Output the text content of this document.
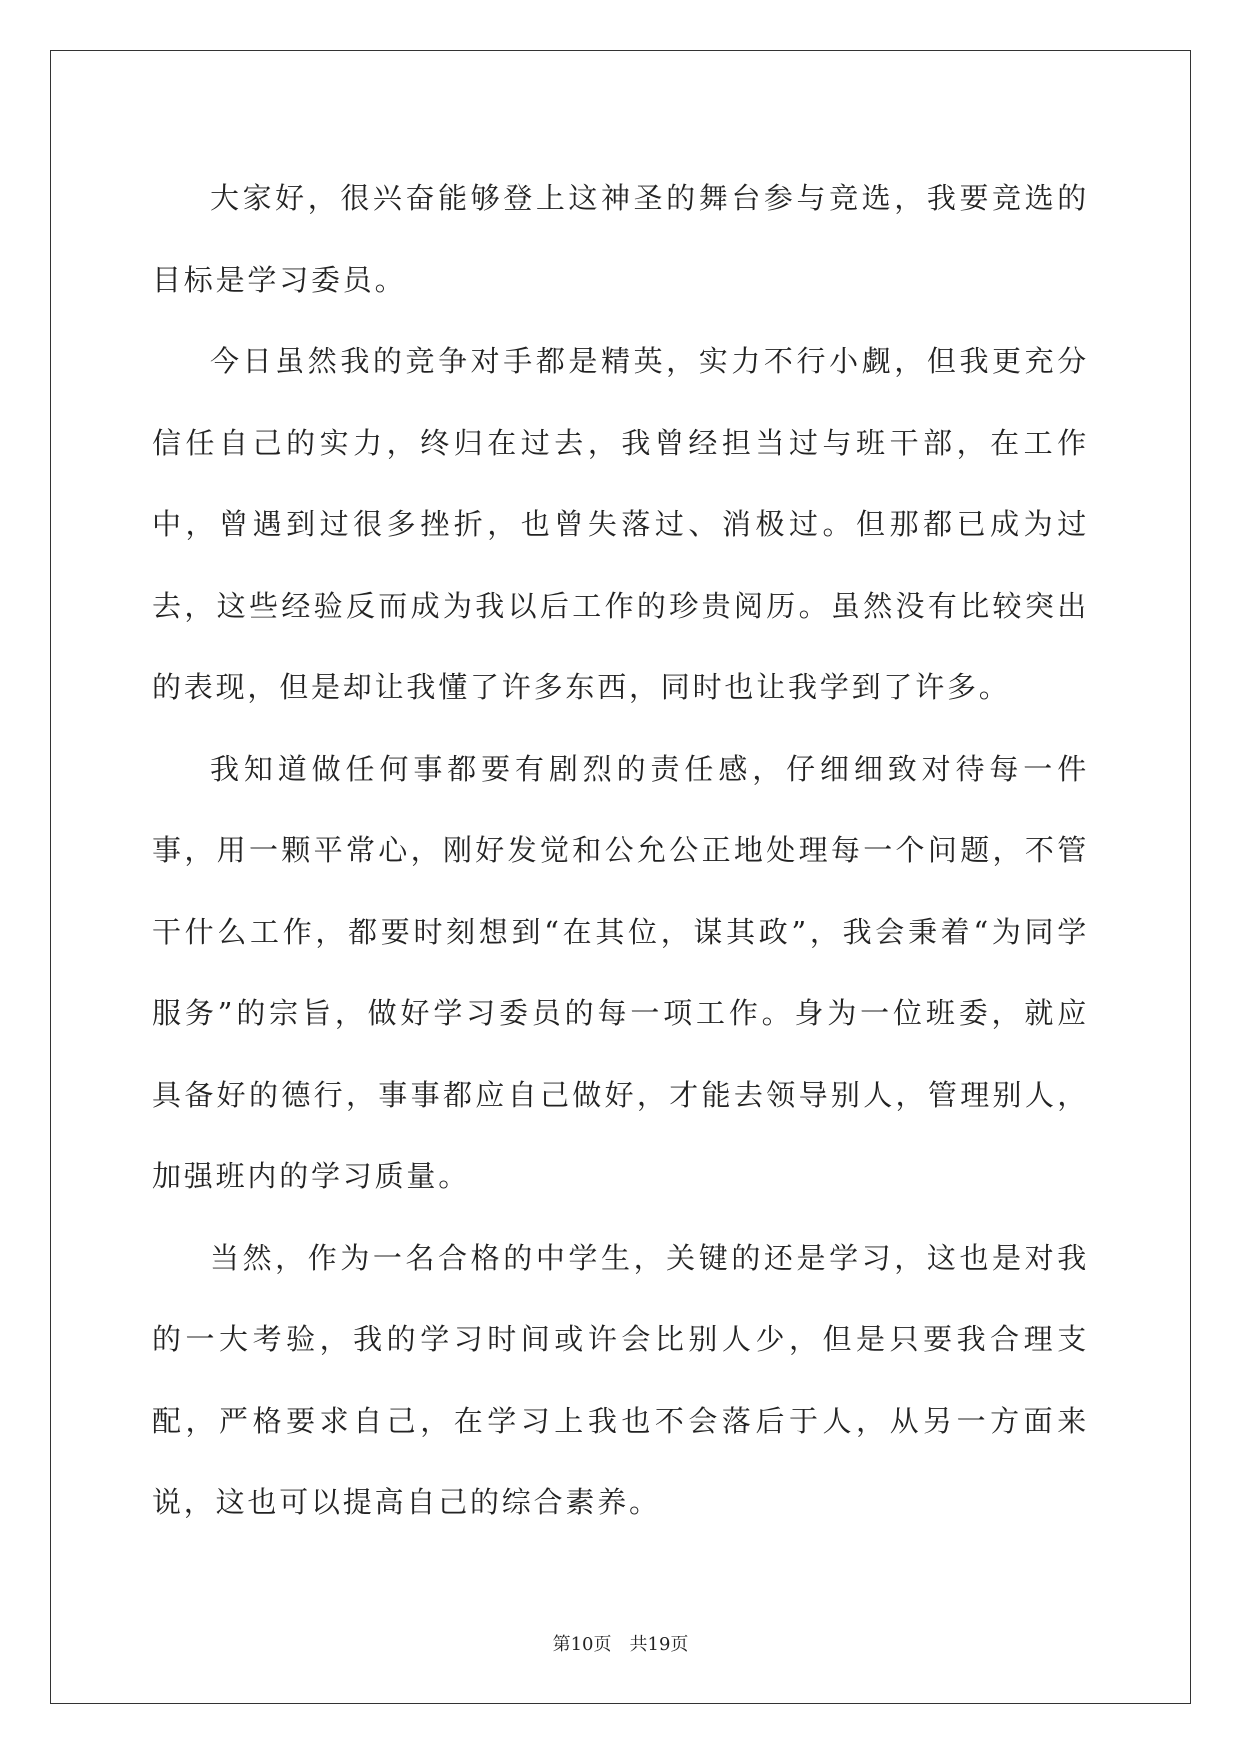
大家好，很兴奋能够登上这神圣的舞台参与竞选，我要竞选的目标是学习委员。

今日虽然我的竞争对手都是精英，实力不行小觑，但我更充分信任自己的实力，终归在过去，我曾经担当过与班干部，在工作中，曾遇到过很多挫折，也曾失落过、消极过。但那都已成为过去，这些经验反而成为我以后工作的珍贵阅历。虽然没有比较突出的表现，但是却让我懂了许多东西，同时也让我学到了许多。

我知道做任何事都要有剧烈的责任感，仔细细致对待每一件事，用一颗平常心，刚好发觉和公允公正地处理每一个问题，不管干什么工作，都要时刻想到“在其位，谋其政”，我会秉着“为同学服务”的宗旨，做好学习委员的每一项工作。身为一位班委，就应具备好的德行，事事都应自己做好，才能去领导别人，管理别人，加强班内的学习质量。

当然，作为一名合格的中学生，关键的还是学习，这也是对我的一大考验，我的学习时间或许会比别人少，但是只要我合理支配，严格要求自己，在学习上我也不会落后于人，从另一方面来说，这也可以提高自己的综合素养。

第10页 共19页
